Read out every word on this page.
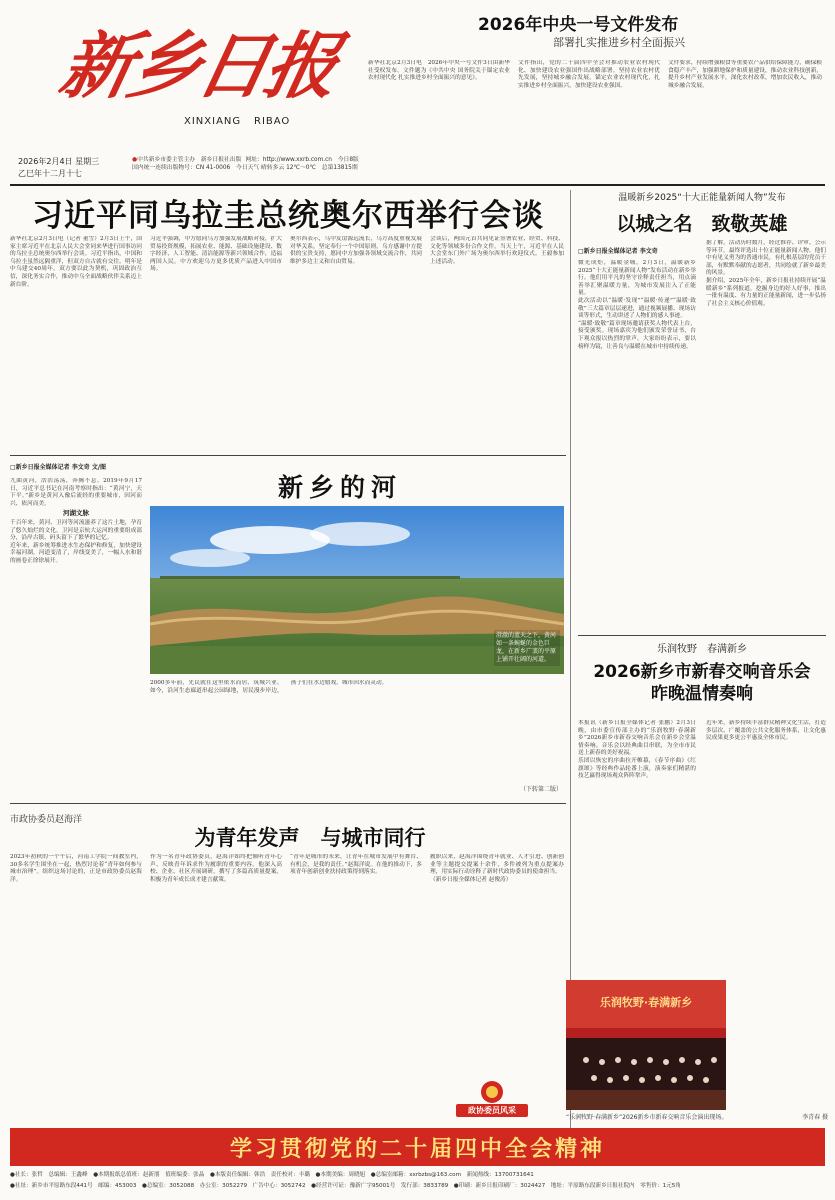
新乡日报
XINXIANG RIBAO
2026年2月4日 星期三
乙巳年十二月十七
●中共新乡市委主管主办　新乡日报社出版 网址：http://www.xxrb.com.cn　今日8版
国内统一连续出版物号：CN 41-0006　 今日天气 晴转多云 12℃～0℃　 总第13815期
2026年中央一号文件发布
部署扎实推进乡村全面振兴
新华社北京2月3日电　2026年中央一号文件3日由新华社受权发布。文件题为《中共中央 国务院关于锚定农业农村现代化 扎实推进乡村全面振兴的意见》。
文件指出，党的二十届四中全会对推动农业农村现代化、加快建设农业强国作出战略部署。坚持农业农村优先发展，坚持城乡融合发展，锚定农业农村现代化，扎实推进乡村全面振兴，加快建设农业强国。
文件要求，持续增强粮食等重要农产品供给保障能力，确保粮食稳产丰产，加强耕地保护和质量建设，推动农业科技创新，提升乡村产业发展水平，深化农村改革，增加农民收入，推动城乡融合发展。
习近平同乌拉圭总统奥尔西举行会谈
新华社北京2月3日电（记者 董雪）2月3日上午，国家主席习近平在北京人民大会堂同来华进行国事访问的乌拉圭总统奥尔西举行会谈。习近平指出，中国和乌拉圭虽然远隔重洋，但双方自古就有交往。明年是中乌建交40周年。双方要以此为契机，巩固政治互信，深化务实合作，推动中乌全面战略伙伴关系迈上新台阶。
习近平强调，中方愿同乌方加强发展战略对接，扩大贸易投资规模，拓展农业、能源、基础设施建设、数字经济、人工智能、清洁能源等新兴领域合作，造福两国人民。中方欢迎乌方更多优质产品进入中国市场。
奥尔西表示，乌中友谊源远流长，乌方高度重视发展对华关系，坚定奉行一个中国原则。乌方感谢中方提供的宝贵支持，愿同中方加强各领域交流合作，共同维护多边主义和自由贸易。
会谈后，两国元首共同见证签署农业、经贸、科技、文化等领域多份合作文件。当天上午，习近平在人民大会堂东门外广场为奥尔西举行欢迎仪式。王毅参加上述活动。
温暖新乡2025“十大正能量新闻人物”发布
以城之名　致敬英雄
□新乡日报全媒体记者 李文奇

微光成炬，温暖金城。2月3日，温暖新乡2025“十大正能量新闻人物”发布活动在新乡举行。他们用平凡的坚守诠释责任担当，用点滴善举汇聚温暖力量，为城市发展注入了正能量。

此次活动以“温暖·发现”“温暖·传递”“温暖·致敬”三大篇章层层递进，通过视频展播、现场访谈等形式，生动讲述了人物们的感人事迹。

“温暖·致敬”篇章现场邀请获奖人物代表上台，接受颁奖。现场嘉宾为他们颁发荣誉证书，台下观众报以热烈的掌声。大家纷纷表示，要以榜样为镜，让善良与温暖在城市中持续传递。

据了解，活动历时数月，经过推荐、评审、公示等环节，最终评选出十位正能量新闻人物。他们中有见义勇为的普通市民，有扎根基层的党员干部，有默默奉献的志愿者，共同绘就了新乡最美的风景。

据介绍，2025年全年，新乡日报社持续开展“温暖新乡”系列报道，挖掘身边的好人好事，推出一批有温度、有力量的正能量新闻，进一步弘扬了社会主义核心价值观。

□新乡日报全媒体记者 李文奇 文/图
新乡的河

九曲黄河，浩浩荡荡，奔腾不息。2019年9月17日，习近平总书记在河南考察时指出：“黄河宁，天下平。”新乡是黄河入豫后流经的重要城市，因河而兴、依河而美。

河湖文脉

千百年来，黄河、卫河等河流滋养了这片土地，孕育了悠久灿烂的文化。卫河是京杭大运河的重要组成部分，沿岸古镇、码头留下了繁华的记忆。

近年来，新乡统筹推进水生态保护和修复，加快建设幸福河湖，河道变清了，岸线变美了，一幅人水和谐的画卷正徐徐展开。

澄澈的蓝天之下，黄河如一条蜿蜒的金色巨龙，在新乡广袤的平原上铺开壮阔的河道。
2000多年前，先民就在这里依水而居、筑城兴业。如今，沿河生态廊道串起公园绿地，居民漫步岸边，孩子们在水边嬉戏，城市因水而灵动。
（下转第二版）
乐润牧野　春满新乡
2026新乡市新春交响音乐会昨晚温情奏响

本报讯（新乡日报全媒体记者 张鹏）2月3日晚，由市委宣传部主办的“乐润牧野·春满新乡”2026新乡市新春交响音乐会在新乡会堂温情奏响。音乐会以经典曲目串联，为全市市民送上新春的美好祝福。

乐团以恢宏的序曲拉开帷幕，《春节序曲》《红旗颂》等经典作品轮番上演，演奏家们精湛的技艺赢得现场观众阵阵掌声。

近年来，新乡持续丰富群众精神文化生活，打造多层次、广覆盖的公共文化服务体系，让文化惠民成果更多更公平惠及全体市民。

乐润牧野·春满新乡
“乐润牧野·春满新乡”2026新乡市新春交响音乐会演出现场。	李青春 摄
市政协委员赵海洋
为青年发声　与城市同行
2023年初秋的一个午后，河南工学院一间教室内，30多名学生围坐在一起，热烈讨论着“青年如何参与城市治理”。组织这场讨论的，正是市政协委员赵海洋。
作为一名青年政协委员，赵海洋始终把倾听青年心声、反映青年诉求作为履职的重要内容。他深入高校、企业、社区开展调研，撰写了多篇高质量提案，积极为青年成长成才建言献策。
“青年是城市的未来，让青年在城市发展中有舞台、有机会，是我的责任。”赵海洋说。在他的推动下，多项青年创新创业扶持政策得到落实。

履职以来，赵海洋围绕青年就业、人才引进、创新创业等主题提交提案十余件，多件被列为重点提案办理，用实际行动诠释了新时代政协委员的使命担当。

（新乡日报全媒体记者 赵俊涛）

政协委员风采
学习贯彻党的二十届四中全会精神
●社长：张哲　总编辑：王鑫峰　●本期报纸总值班：赵新朋　值班编委：张晶　●本版责任编辑：韩浩　责任校对：丰璐　●本期美编：周晓旭　●总编室邮箱：xxrbzbs@163.com　新闻热线：13700731641
●社址：新乡市平原路东段441号　邮编：453003　●总编室：3052088　办公室：3052279　广告中心：3052742　●经营许可证：豫新广字95001号　发行部：3833789　●印刷：新乡日报印刷厂：3024427　地址：平原路东段新乡日报社院内　零售价：1元5角
